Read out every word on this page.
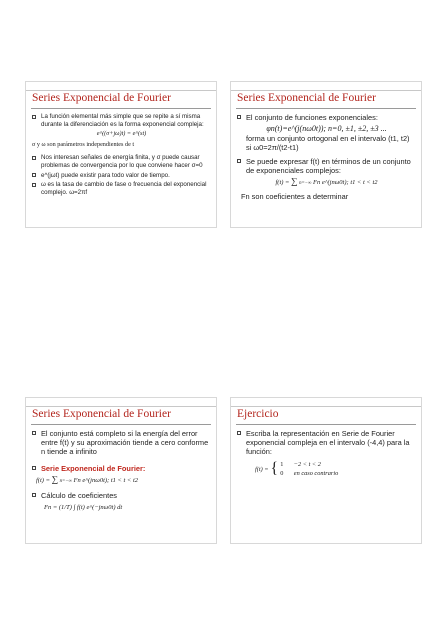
Series Exponencial de Fourier
La función elemental más simple que se repite a sí misma durante la diferenciación es la forma exponencial compleja:
e^((σ+jω)t) = e^(st)
σ y ω son parámetros independientes de t
Nos interesan señales de energía finita, y σ puede causar problemas de convergencia por lo que conviene hacer σ=0
e^(jωt) puede existir para todo valor de tiempo.
ω es la tasa de cambio de fase o frecuencia del exponencial complejo. ω=2πf
Series Exponencial de Fourier
El conjunto de funciones exponenciales:
φn(t)=e^(j(nω0t)); n=0, ±1, ±2, ±3 ...
forma un conjunto ortogonal en el intervalo (t1, t2) si ω0=2π/(t2-t1)
Se puede expresar f(t) en términos de un conjunto de exponenciales complejos:
f(t) = ∑ n=−∞ Fn e^(jnω0t); t1 < t < t2
Fn son coeficientes a determinar
Series Exponencial de Fourier
El conjunto está completo si la energía del error entre f(t) y su aproximación tiende a cero conforme n tiende a infinito
Serie Exponencial de Fourier:
f(t) = ∑ n=−∞ Fn e^(jnω0t); t1 < t < t2
Cálculo de coeficientes
Fn = (1/T) ∫ f(t) e^(−jnω0t) dt
Ejercicio
Escriba la representación en Serie de Fourier exponencial compleja en el intervalo (-4,4) para la función:
f(t) = { 1 −2 < t < 2
0 en caso contrario
